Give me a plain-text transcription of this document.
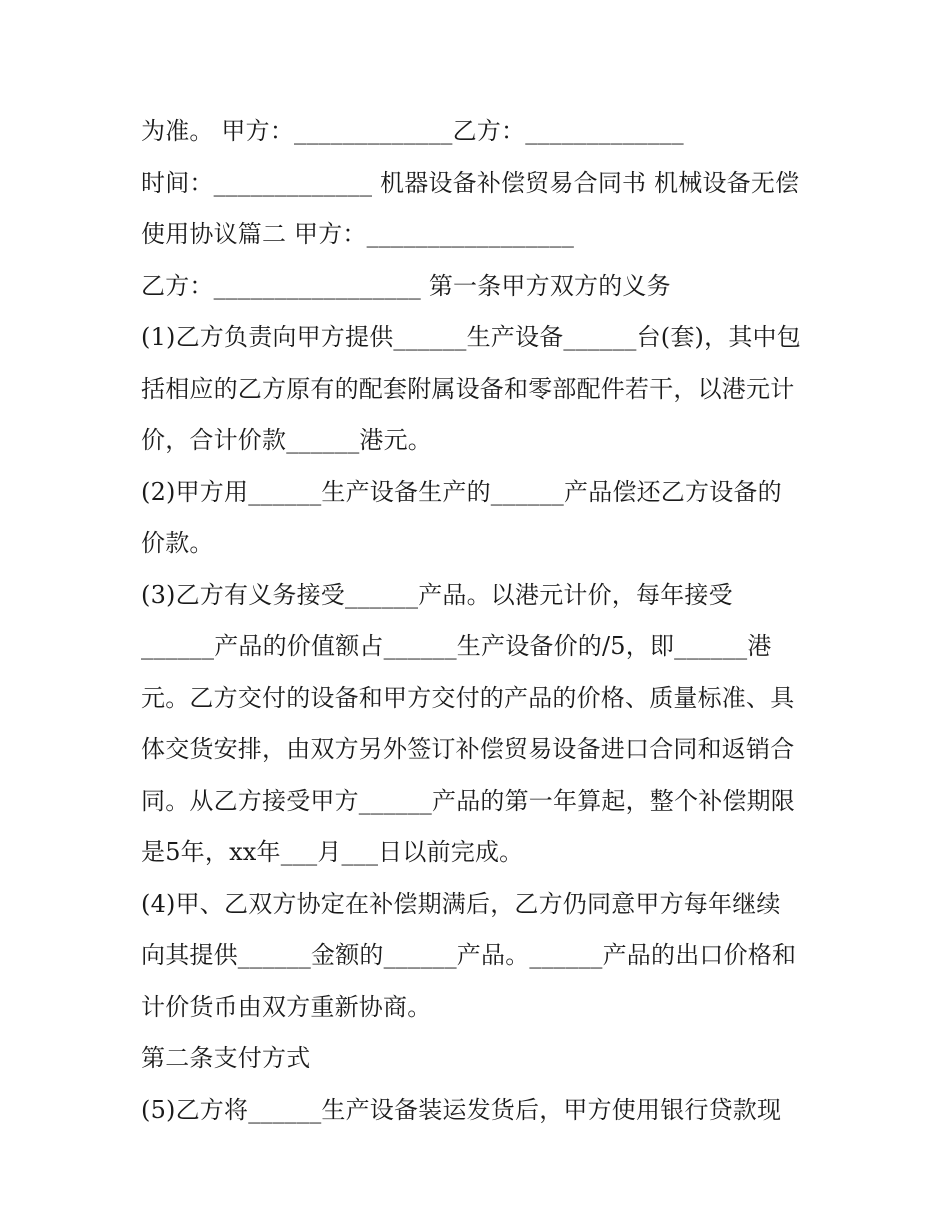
为准。 甲方：_____________乙方：_____________
时间：_____________ 机器设备补偿贸易合同书 机械设备无偿
使用协议篇二 甲方：_________________
乙方：_________________ 第一条甲方双方的义务
(1)乙方负责向甲方提供______生产设备______台(套)，其中包
括相应的乙方原有的配套附属设备和零部配件若干，以港元计
价，合计价款______港元。
(2)甲方用______生产设备生产的______产品偿还乙方设备的
价款。
(3)乙方有义务接受______产品。以港元计价，每年接受
______产品的价值额占______生产设备价的/5，即______港
元。乙方交付的设备和甲方交付的产品的价格、质量标准、具
体交货安排，由双方另外签订补偿贸易设备进口合同和返销合
同。从乙方接受甲方______产品的第一年算起，整个补偿期限
是5年，xx年___月___日以前完成。
(4)甲、乙双方协定在补偿期满后，乙方仍同意甲方每年继续
向其提供______金额的______产品。______产品的出口价格和
计价货币由双方重新协商。
第二条支付方式
(5)乙方将______生产设备装运发货后，甲方使用银行贷款现
